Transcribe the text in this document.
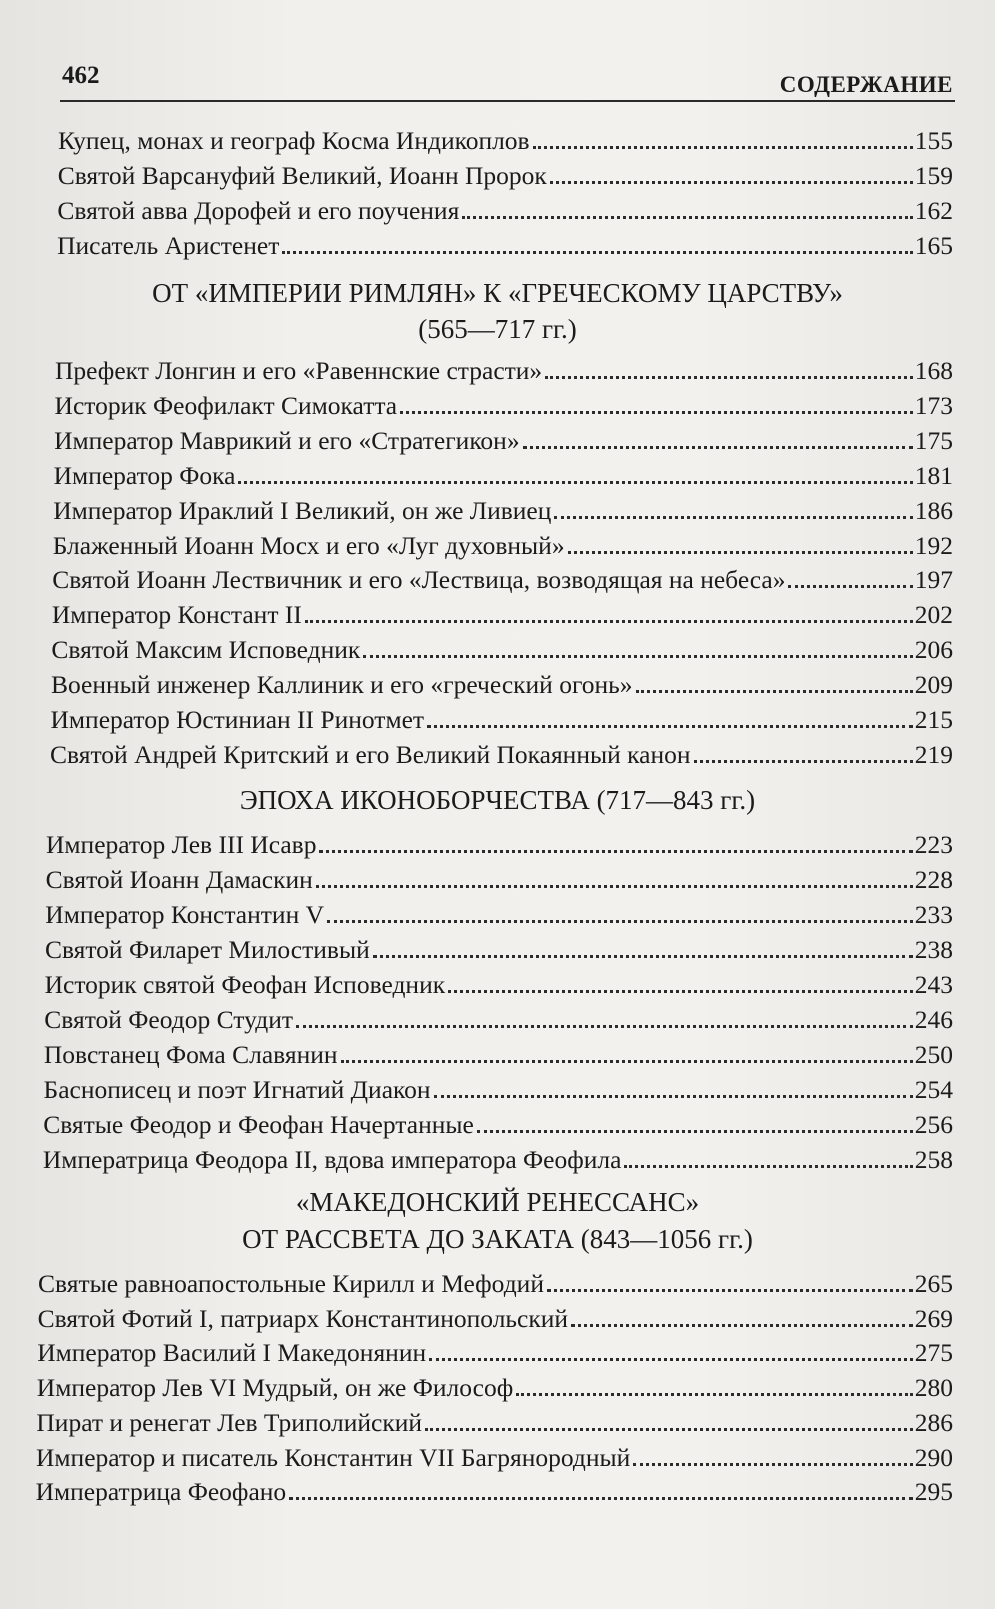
462	СОДЕРЖАНИЕ
ОТ «ИМПЕРИИ РИМЛЯН» К «ГРЕЧЕСКОМУ ЦАРСТВУ»
(565—717 гг.)
ЭПОХА ИКОНОБОРЧЕСТВА (717—843 гг.)
«МАКЕДОНСКИЙ РЕНЕССАНС»
ОТ РАССВЕТА ДО ЗАКАТА (843—1056 гг.)
Купец, монах и географ Косма Индикоплов	155
Святой Варсануфий Великий, Иоанн Пророк	159
Святой авва Дорофей и его поучения	162
Писатель Аристенет	165
Префект Лонгин и его «Равеннские страсти»	168
Историк Феофилакт Симокатта	173
Император Маврикий и его «Стратегикон»	175
Император Фока	181
Император Ираклий I Великий, он же Ливиец	186
Блаженный Иоанн Мосх и его «Луг духовный»	192
Святой Иоанн Лествичник и его «Лествица, возводящая на небеса»	197
Император Констант II	202
Святой Максим Исповедник	206
Военный инженер Каллиник и его «греческий огонь»	209
Император Юстиниан II Ринотмет	215
Святой Андрей Критский и его Великий Покаянный канон	219
Император Лев III Исавр	223
Святой Иоанн Дамаскин	228
Император Константин V	233
Святой Филарет Милостивый	238
Историк святой Феофан Исповедник	243
Святой Феодор Студит	246
Повстанец Фома Славянин	250
Баснописец и поэт Игнатий Диакон	254
Святые Феодор и Феофан Начертанные	256
Императрица Феодора II, вдова императора Феофила	258
Святые равноапостольные Кирилл и Мефодий	265
Святой Фотий I, патриарх Константинопольский	269
Император Василий I Македонянин	275
Император Лев VI Мудрый, он же Философ	280
Пират и ренегат Лев Триполийский	286
Император и писатель Константин VII Багрянородный	290
Императрица Феофано	295
